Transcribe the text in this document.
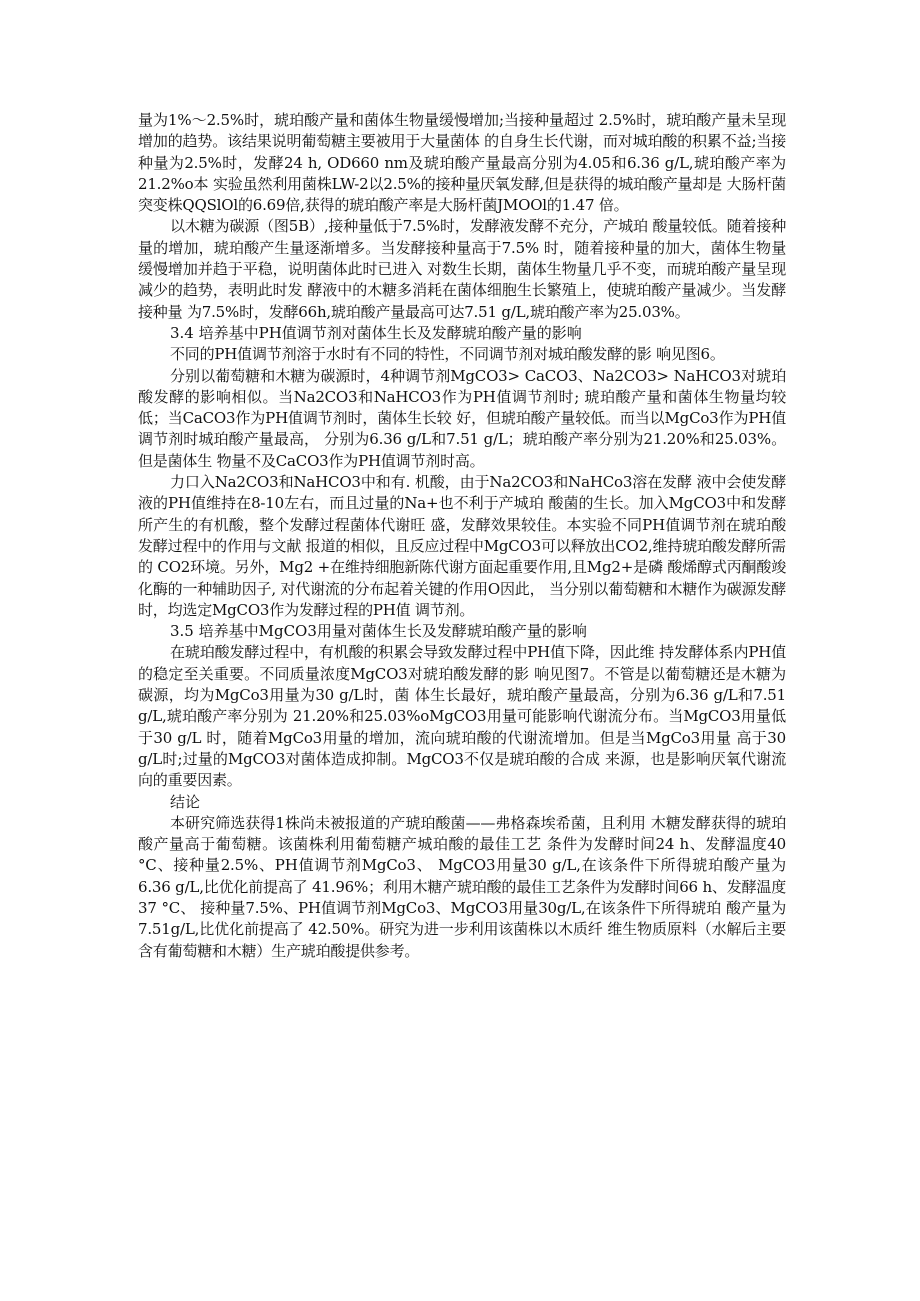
量为1%～2.5%时，琥珀酸产量和菌体生物量缓慢增加;当接种量超过 2.5%时，琥珀酸产量未呈现增加的趋势。该结果说明葡萄糖主要被用于大量菌体 的自身生长代谢，而对城珀酸的积累不益;当接种量为2.5%时，发酵24 h, OD660 nm及琥珀酸产量最高分别为4.05和6.36 g/L,琥珀酸产率为21.2%o本 实验虽然利用菌株LW-2以2.5%的接种量厌氧发酵,但是获得的城珀酸产量却是 大肠杆菌突变株QQSlOl的6.69倍,获得的琥珀酸产率是大肠杆菌JMOOl的1.47 倍。

以木糖为碳源（图5B）,接种量低于7.5%时，发酵液发酵不充分，产城珀 酸量较低。随着接种量的增加，琥珀酸产生量逐渐增多。当发酵接种量高于7.5% 时，随着接种量的加大，菌体生物量缓慢增加并趋于平稳，说明菌体此时已进入 对数生长期，菌体生物量几乎不变，而琥珀酸产量呈现减少的趋势，表明此时发 酵液中的木糖多消耗在菌体细胞生长繁殖上，使琥珀酸产量减少。当发酵接种量 为7.5%时，发酵66h,琥珀酸产量最高可达7.51 g/L,琥珀酸产率为25.03%。

3.4 培养基中PH值调节剂对菌体生长及发酵琥珀酸产量的影响

不同的PH值调节剂溶于水时有不同的特性，不同调节剂对城珀酸发酵的影 响见图6。

分别以葡萄糖和木糖为碳源时，4种调节剂MgCO3> CaCO3、Na2CO3> NaHCO3对琥珀酸发酵的影响相似。当Na2CO3和NaHCO3作为PH值调节剂时; 琥珀酸产量和菌体生物量均较低；当CaCO3作为PH值调节剂时，菌体生长较 好，但琥珀酸产量较低。而当以MgCo3作为PH值调节剂时城珀酸产量最高， 分别为6.36 g/L和7.51 g/L；琥珀酸产率分别为21.20%和25.03%。但是菌体生 物量不及CaCO3作为PH值调节剂时高。

力口入Na2CO3和NaHCO3中和有. 机酸，由于Na2CO3和NaHCo3溶在发酵 液中会使发酵液的PH值维持在8-10左右，而且过量的Na+也不利于产城珀 酸菌的生长。加入MgCO3中和发酵所产生的有机酸，整个发酵过程菌体代谢旺 盛，发酵效果较佳。本实验不同PH值调节剂在琥珀酸发酵过程中的作用与文献 报道的相似，且反应过程中MgCO3可以释放出CO2,维持琥珀酸发酵所需的 CO2环境。另外，Mg2 +在维持细胞新陈代谢方面起重要作用,且Mg2+是磷 酸烯醇式丙酮酸竣化酶的一种辅助因子, 对代谢流的分布起着关键的作用O因此， 当分别以葡萄糖和木糖作为碳源发酵时，均选定MgCO3作为发酵过程的PH值 调节剂。

3.5 培养基中MgCO3用量对菌体生长及发酵琥珀酸产量的影响

在琥珀酸发酵过程中，有机酸的积累会导致发酵过程中PH值下降，因此维 持发酵体系内PH值的稳定至关重要。不同质量浓度MgCO3对琥珀酸发酵的影 响见图7。不管是以葡萄糖还是木糖为碳源，均为MgCo3用量为30 g/L时，菌 体生长最好，琥珀酸产量最高，分别为6.36 g/L和7.51 g/L,琥珀酸产率分别为 21.20%和25.03%oMgCO3用量可能影响代谢流分布。当MgCO3用量低于30 g/L 时，随着MgCo3用量的增加，流向琥珀酸的代谢流增加。但是当MgCo3用量 高于30 g/L时;过量的MgCO3对菌体造成抑制。MgCO3不仅是琥珀酸的合成 来源，也是影响厌氧代谢流向的重要因素。

结论

本研究筛选获得1株尚未被报道的产琥珀酸菌——弗格森埃希菌，且利用 木糖发酵获得的琥珀酸产量高于葡萄糖。该菌株利用葡萄糖产城珀酸的最佳工艺 条件为发酵时间24 h、发酵温度40 °C、接种量2.5%、PH值调节剂MgCo3、 MgCO3用量30 g/L,在该条件下所得琥珀酸产量为6.36 g/L,比优化前提高了 41.96%；利用木糖产琥珀酸的最佳工艺条件为发酵时间66 h、发酵温度37 °C、 接种量7.5%、PH值调节剂MgCo3、MgCO3用量30g/L,在该条件下所得琥珀 酸产量为7.51g/L,比优化前提高了 42.50%。研究为进一步利用该菌株以木质纤 维生物质原料（水解后主要含有葡萄糖和木糖）生产琥珀酸提供参考。
